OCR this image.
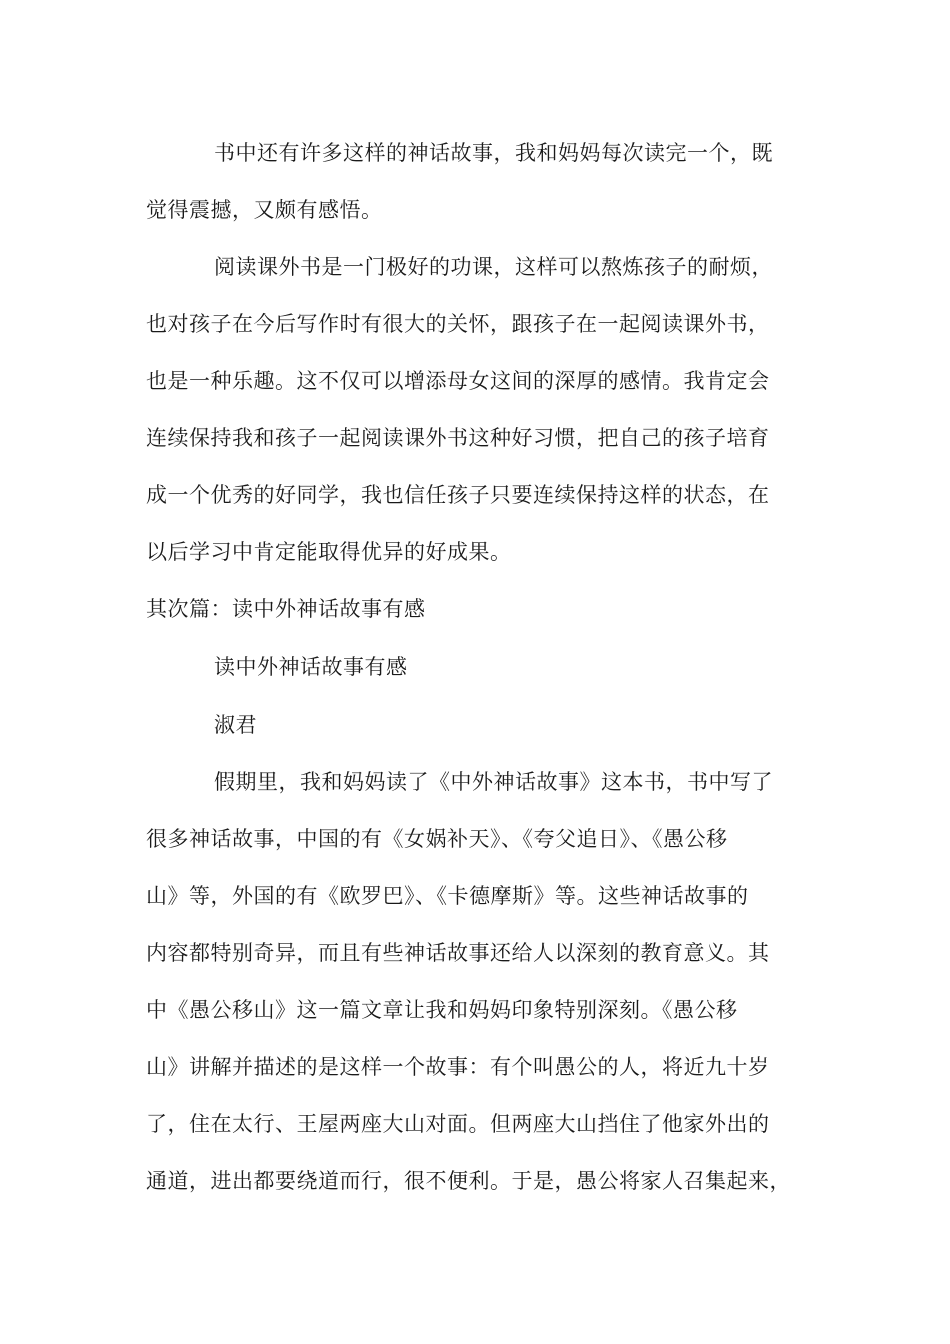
书中还有许多这样的神话故事，我和妈妈每次读完一个，既
觉得震撼，又颇有感悟。
阅读课外书是一门极好的功课，这样可以熬炼孩子的耐烦，
也对孩子在今后写作时有很大的关怀，跟孩子在一起阅读课外书，
也是一种乐趣。这不仅可以增添母女这间的深厚的感情。我肯定会
连续保持我和孩子一起阅读课外书这种好习惯，把自己的孩子培育
成一个优秀的好同学，我也信任孩子只要连续保持这样的状态，在
以后学习中肯定能取得优异的好成果。
其次篇：读中外神话故事有感
读中外神话故事有感
淑君
假期里，我和妈妈读了《中外神话故事》这本书，书中写了
很多神话故事，中国的有《女娲补天》、《夸父追日》、《愚公移
山》等，外国的有《欧罗巴》、《卡德摩斯》等。这些神话故事的
内容都特别奇异，而且有些神话故事还给人以深刻的教育意义。其
中《愚公移山》这一篇文章让我和妈妈印象特别深刻。《愚公移
山》讲解并描述的是这样一个故事：有个叫愚公的人，将近九十岁
了，住在太行、王屋两座大山对面。但两座大山挡住了他家外出的
通道，进出都要绕道而行，很不便利。于是，愚公将家人召集起来，
